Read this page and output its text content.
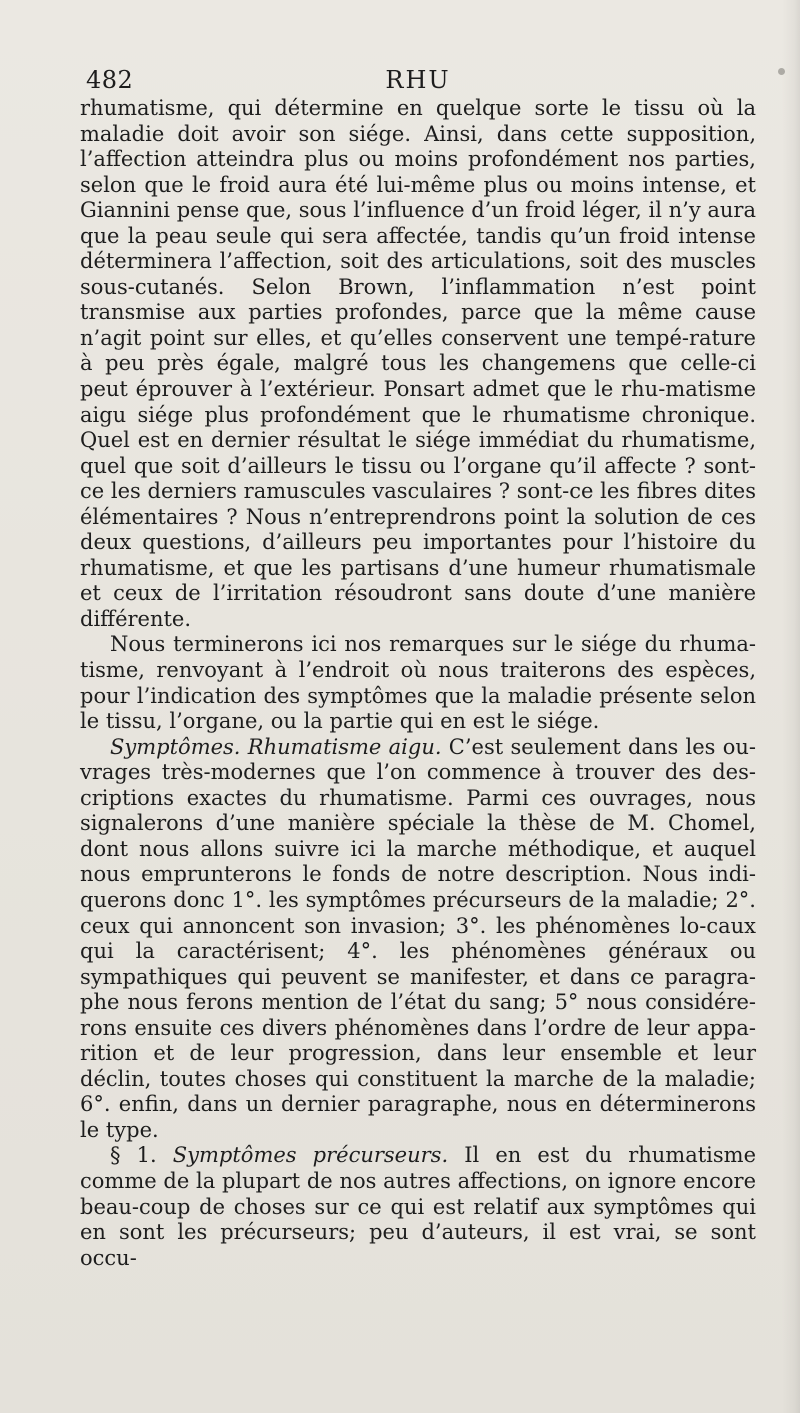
482	RHU

rhumatisme, qui détermine en quelque sorte le tissu où la maladie doit avoir son siége. Ainsi, dans cette supposition, l’affection atteindra plus ou moins profondément nos parties, selon que le froid aura été lui-même plus ou moins intense, et Giannini pense que, sous l’influence d’un froid léger, il n’y aura que la peau seule qui sera affectée, tandis qu’un froid intense déterminera l’affection, soit des articulations, soit des muscles sous-cutanés. Selon Brown, l’inflammation n’est point transmise aux parties profondes, parce que la même cause n’agit point sur elles, et qu’elles conservent une tempé-rature à peu près égale, malgré tous les changemens que celle-ci peut éprouver à l’extérieur. Ponsart admet que le rhu-matisme aigu siége plus profondément que le rhumatisme chronique. Quel est en dernier résultat le siége immédiat du rhumatisme, quel que soit d’ailleurs le tissu ou l’organe qu’il affecte ? sont-ce les derniers ramuscules vasculaires ? sont-ce les fibres dites élémentaires ? Nous n’entreprendrons point la solution de ces deux questions, d’ailleurs peu importantes pour l’histoire du rhumatisme, et que les partisans d’une humeur rhumatismale et ceux de l’irritation résoudront sans doute d’une manière différente.

Nous terminerons ici nos remarques sur le siége du rhuma-tisme, renvoyant à l’endroit où nous traiterons des espèces, pour l’indication des symptômes que la maladie présente selon le tissu, l’organe, ou la partie qui en est le siége.

Symptômes. Rhumatisme aigu. C’est seulement dans les ou-vrages très-modernes que l’on commence à trouver des des-criptions exactes du rhumatisme. Parmi ces ouvrages, nous signalerons d’une manière spéciale la thèse de M. Chomel, dont nous allons suivre ici la marche méthodique, et auquel nous emprunterons le fonds de notre description. Nous indi-querons donc 1°. les symptômes précurseurs de la maladie; 2°. ceux qui annoncent son invasion; 3°. les phénomènes lo-caux qui la caractérisent; 4°. les phénomènes généraux ou sympathiques qui peuvent se manifester, et dans ce paragra-phe nous ferons mention de l’état du sang; 5° nous considére-rons ensuite ces divers phénomènes dans l’ordre de leur appa-rition et de leur progression, dans leur ensemble et leur déclin, toutes choses qui constituent la marche de la maladie; 6°. enfin, dans un dernier paragraphe, nous en déterminerons le type.

§ 1. Symptômes précurseurs. Il en est du rhumatisme comme de la plupart de nos autres affections, on ignore encore beau-coup de choses sur ce qui est relatif aux symptômes qui en sont les précurseurs; peu d’auteurs, il est vrai, se sont occu-
